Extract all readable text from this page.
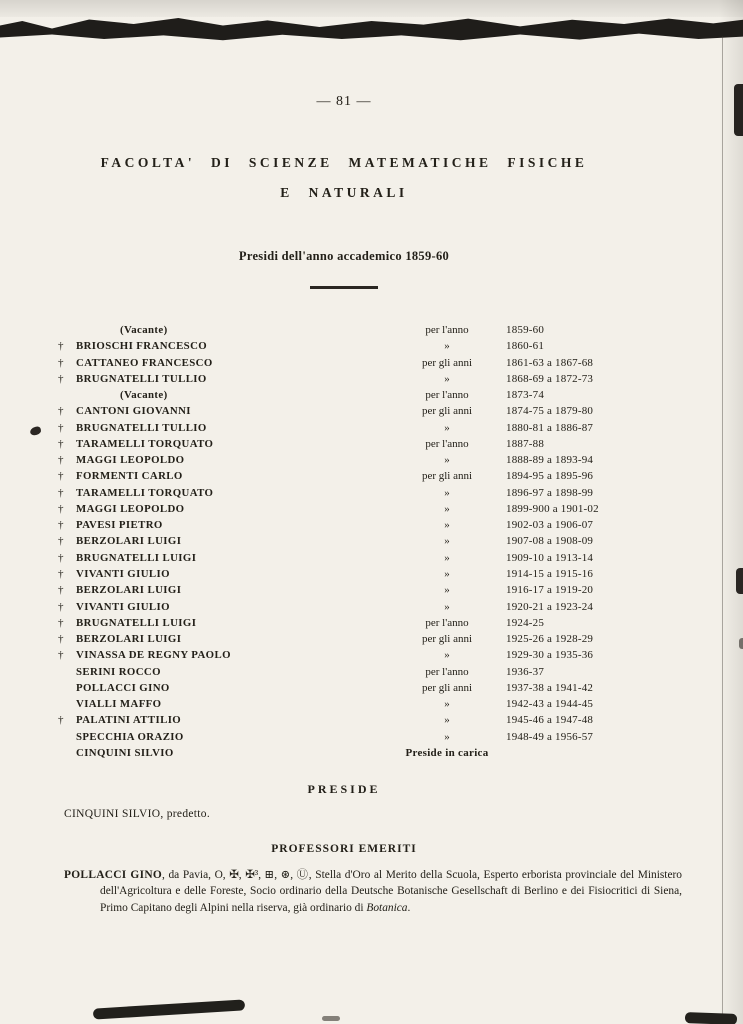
— 81 —
FACOLTA' DI SCIENZE MATEMATICHE FISICHE
E NATURALI
Presidi dell'anno accademico 1859-60
(Vacante)	per l'anno	1859-60
†	BRIOSCHI FRANCESCO	»	1860-61
†	CATTANEO FRANCESCO	per gli anni	1861-63 a 1867-68
†	BRUGNATELLI TULLIO	»	1868-69 a 1872-73
(Vacante)	per l'anno	1873-74
†	CANTONI GIOVANNI	per gli anni	1874-75 a 1879-80
†	BRUGNATELLI TULLIO	»	1880-81 a 1886-87
†	TARAMELLI TORQUATO	per l'anno	1887-88
†	MAGGI LEOPOLDO	»	1888-89 a 1893-94
†	FORMENTI CARLO	per gli anni	1894-95 a 1895-96
†	TARAMELLI TORQUATO	»	1896-97 a 1898-99
†	MAGGI LEOPOLDO	»	1899-900 a 1901-02
†	PAVESI PIETRO	»	1902-03 a 1906-07
†	BERZOLARI LUIGI	»	1907-08 a 1908-09
†	BRUGNATELLI LUIGI	»	1909-10 a 1913-14
†	VIVANTI GIULIO	»	1914-15 a 1915-16
†	BERZOLARI LUIGI	»	1916-17 a 1919-20
†	VIVANTI GIULIO	»	1920-21 a 1923-24
†	BRUGNATELLI LUIGI	per l'anno	1924-25
†	BERZOLARI LUIGI	per gli anni	1925-26 a 1928-29
†	VINASSA DE REGNY PAOLO	»	1929-30 a 1935-36
SERINI ROCCO	per l'anno	1936-37
POLLACCI GINO	per gli anni	1937-38 a 1941-42
VIALLI MAFFO	»	1942-43 a 1944-45
†	PALATINI ATTILIO	»	1945-46 a 1947-48
SPECCHIA ORAZIO	»	1948-49 a 1956-57
CINQUINI SILVIO	Preside in carica
PRESIDE
CINQUINI SILVIO, predetto.
PROFESSORI EMERITI

POLLACCI GINO, da Pavia, O, ✠, ✠³, ⊞, ⊛, Ⓤ, Stella d'Oro al Merito della Scuola, Esperto erborista provinciale del Ministero dell'Agricoltura e delle Foreste, Socio ordinario della Deutsche Botanische Gesellschaft di Berlino e dei Fisiocritici di Siena, Primo Capitano degli Alpini nella riserva, già ordinario di Botanica.
